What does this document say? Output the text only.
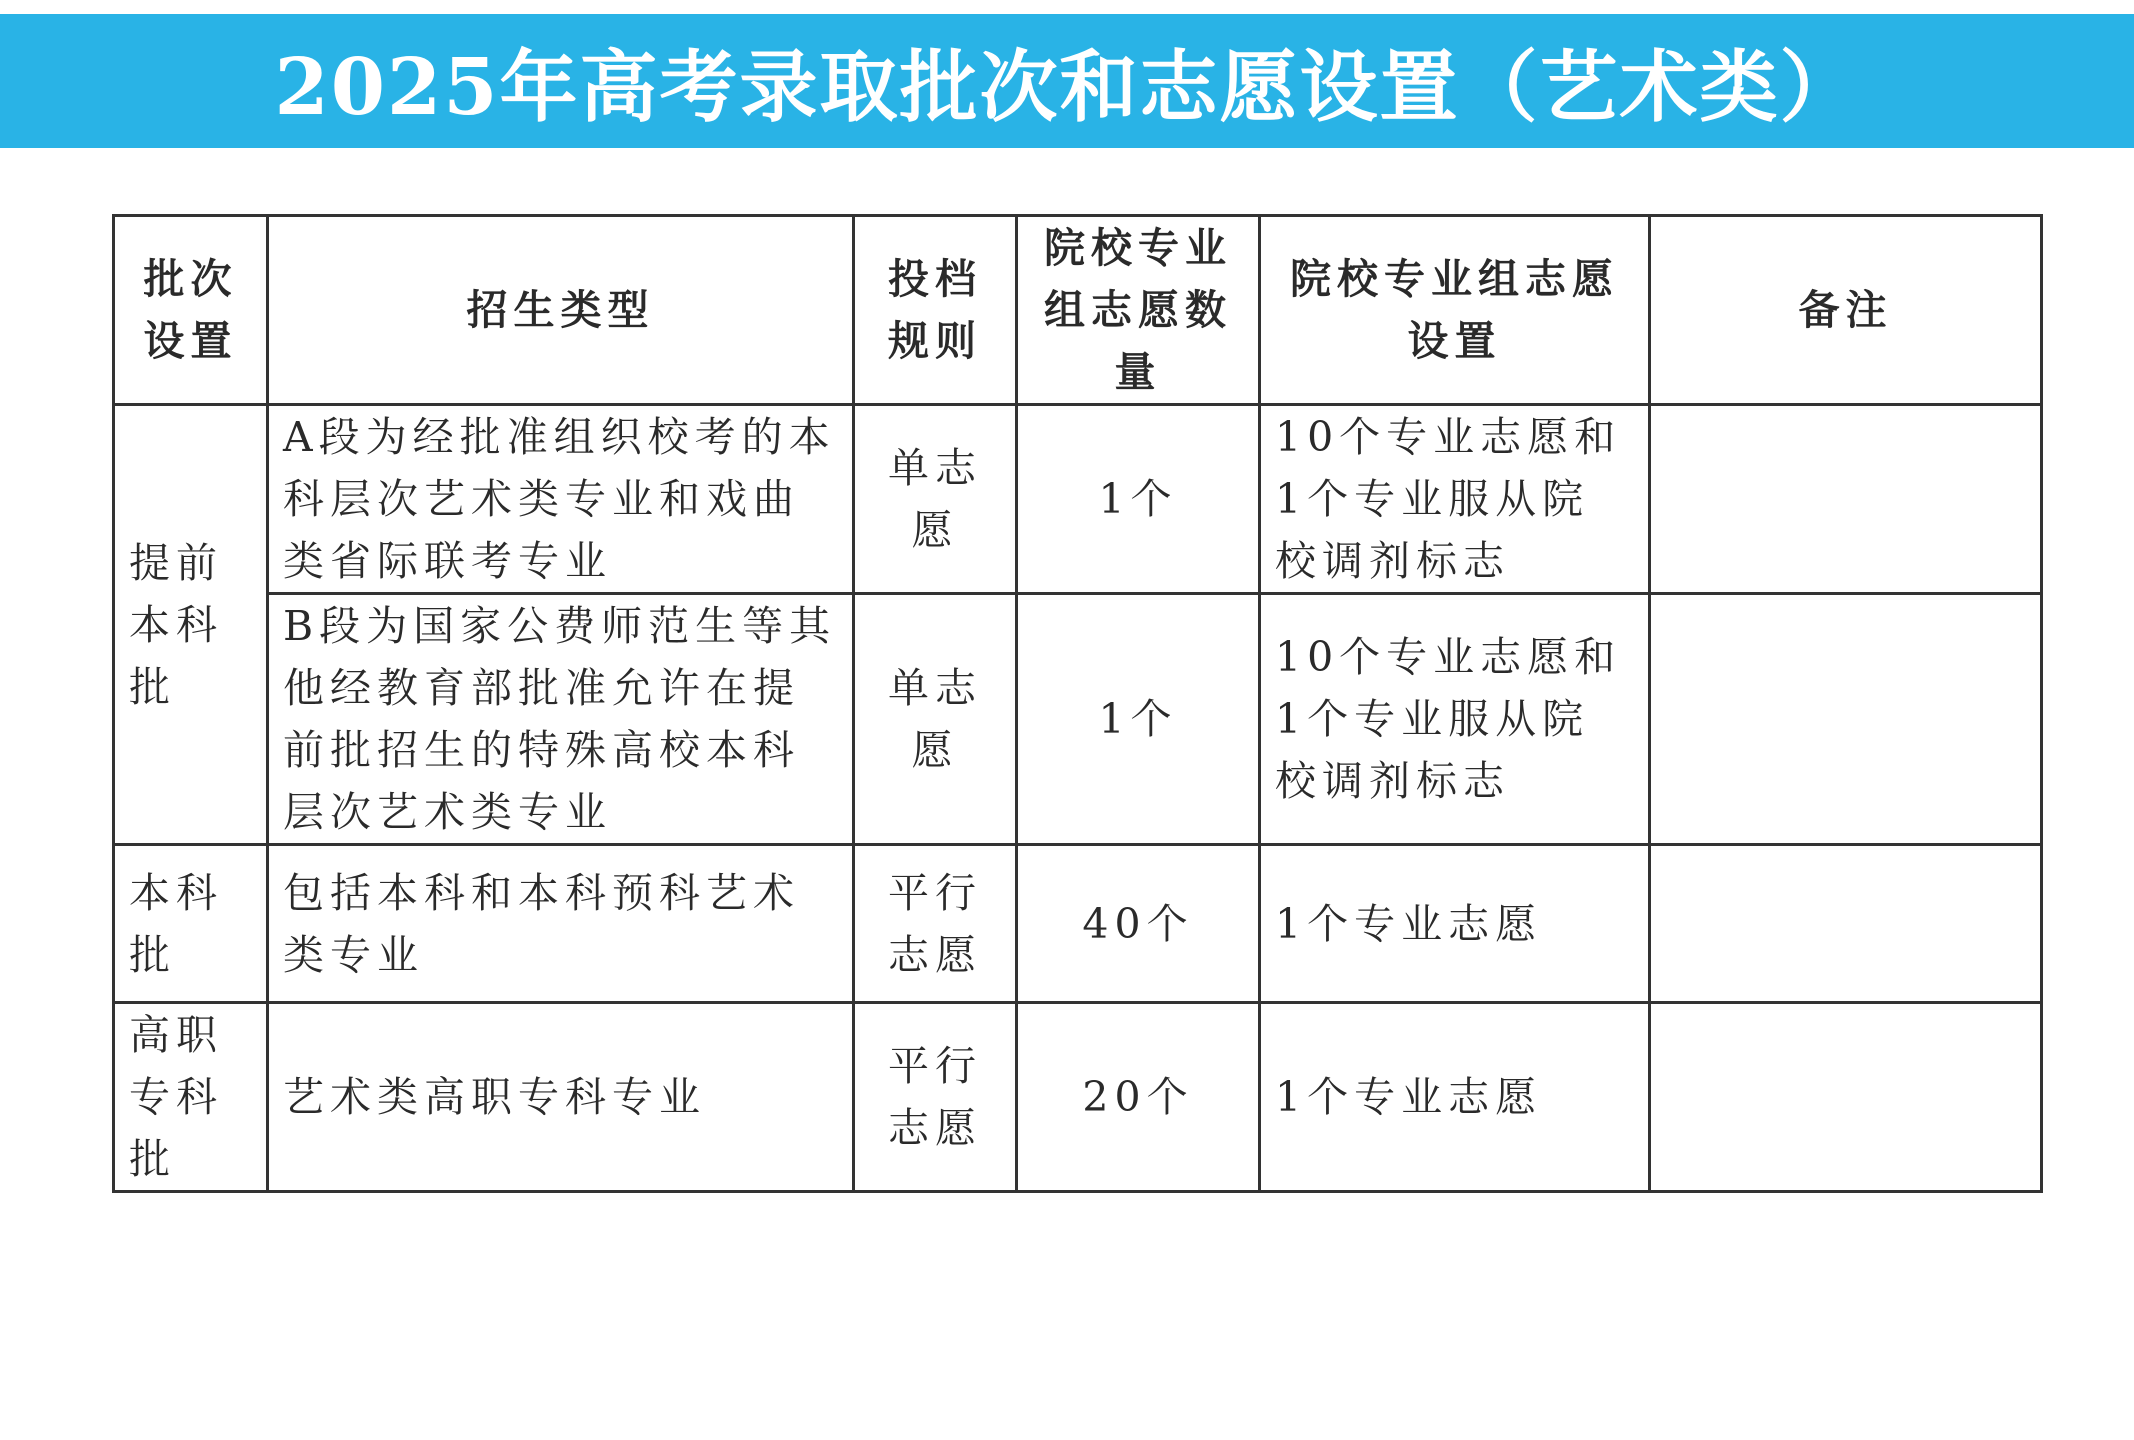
2025年高考录取批次和志愿设置（艺术类）
批次设置	招生类型	投档规则	院校专业组志愿数量	院校专业组志愿设置	备注
提前本科批	A段为经批准组织校考的本科层次艺术类专业和戏曲类省际联考专业	单志愿	1个	10个专业志愿和1个专业服从院校调剂标志	
	B段为国家公费师范生等其他经教育部批准允许在提前批招生的特殊高校本科层次艺术类专业	单志愿	1个	10个专业志愿和1个专业服从院校调剂标志	
本科批	包括本科和本科预科艺术类专业	平行志愿	40个	1个专业志愿	
高职专科批	艺术类高职专科专业	平行志愿	20个	1个专业志愿	
